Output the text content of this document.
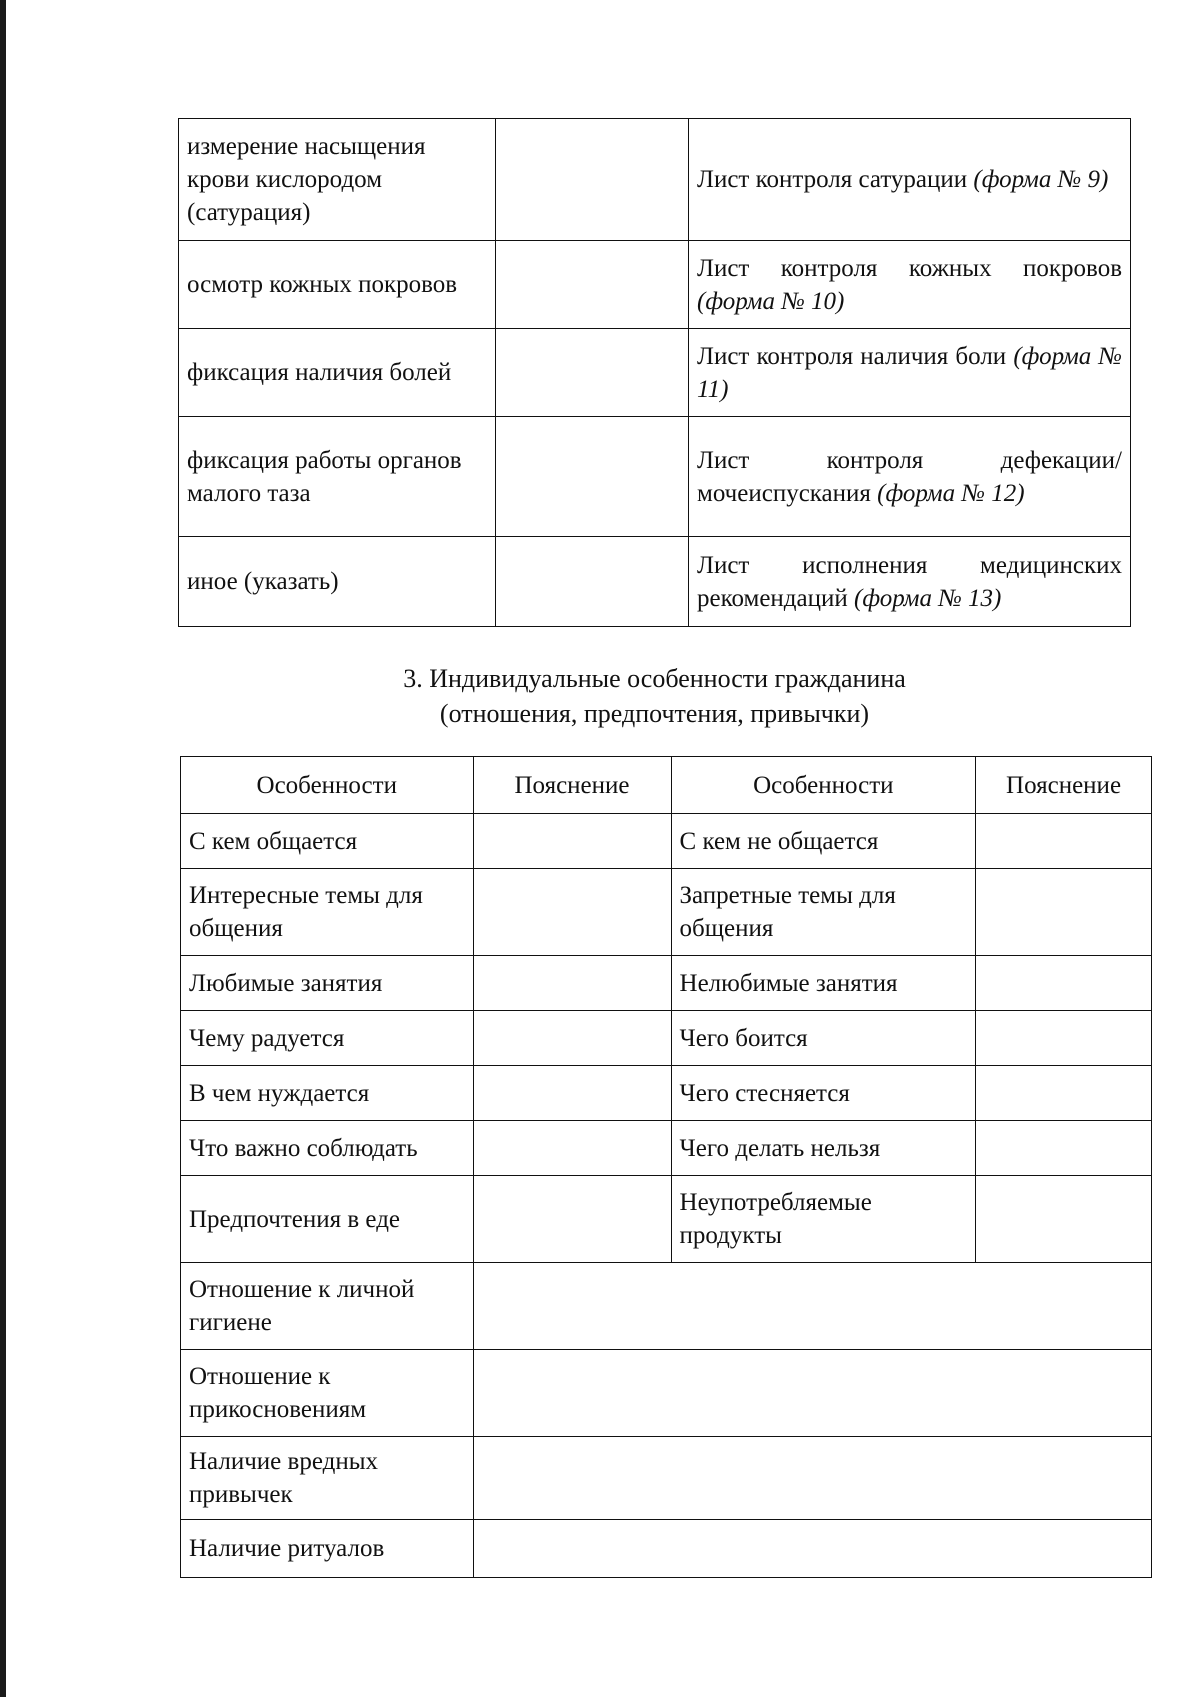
измерение насыщения крови кислородом (сатурация)		Лист контроля сатурации (форма № 9)
осмотр кожных покровов		Лист контроля кожных покровов (форма № 10)
фиксация наличия болей		Лист контроля наличия боли (форма № 11)
фиксация работы органов малого таза		Лист контроля дефекации/мочеиспускания (форма № 12)
иное (указать)		Лист исполнения медицинских рекомендаций (форма № 13)
3. Индивидуальные особенности гражданина
(отношения, предпочтения, привычки)
Особенности	Пояснение	Особенности	Пояснение
С кем общается		С кем не общается	
Интересные темы для общения		Запретные темы для общения	
Любимые занятия		Нелюбимые занятия	
Чему радуется		Чего боится	
В чем нуждается		Чего стесняется	
Что важно соблюдать		Чего делать нельзя	
Предпочтения в еде		Неупотребляемые продукты	
Отношение к личной гигиене			
Отношение к прикосновениям			
Наличие вредных привычек			
Наличие ритуалов			
